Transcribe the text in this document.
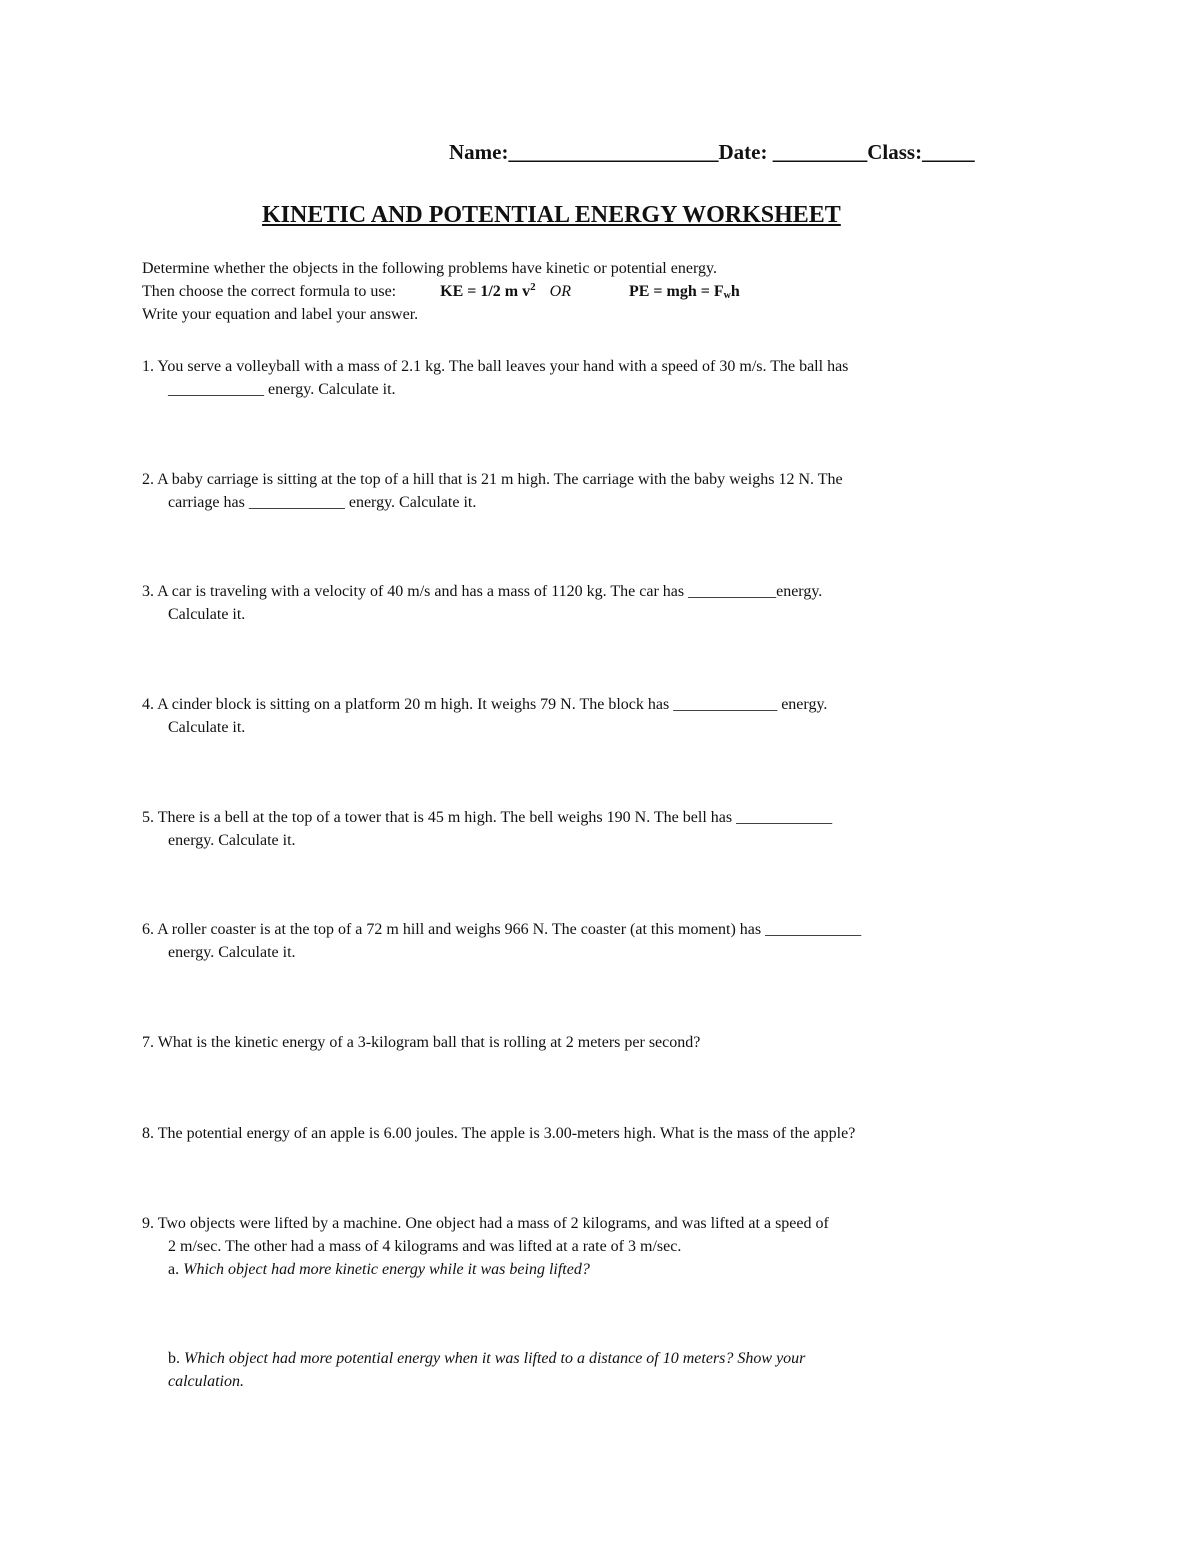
Name:____________________Date: _________Class:_____
KINETIC AND POTENTIAL ENERGY WORKSHEET
Determine whether the objects in the following problems have kinetic or potential energy.
Then choose the correct formula to use:	KE = 1/2 m $v^2$ OR	PE = mgh = $F_wh$
Write your equation and label your answer.
1. You serve a volleyball with a mass of 2.1 kg. The ball leaves your hand with a speed of 30 m/s. The ball has
____________ energy. Calculate it.
2. A baby carriage is sitting at the top of a hill that is 21 m high. The carriage with the baby weighs 12 N. The
carriage has ____________ energy. Calculate it.
3. A car is traveling with a velocity of 40 m/s and has a mass of 1120 kg. The car has ___________energy.
Calculate it.
4. A cinder block is sitting on a platform 20 m high. It weighs 79 N. The block has _____________ energy.
Calculate it.
5. There is a bell at the top of a tower that is 45 m high. The bell weighs 190 N. The bell has ____________
energy. Calculate it.
6. A roller coaster is at the top of a 72 m hill and weighs 966 N. The coaster (at this moment) has ____________
energy. Calculate it.
7. What is the kinetic energy of a 3-kilogram ball that is rolling at 2 meters per second?
8. The potential energy of an apple is 6.00 joules. The apple is 3.00-meters high. What is the mass of the apple?
9. Two objects were lifted by a machine. One object had a mass of 2 kilograms, and was lifted at a speed of
2 m/sec. The other had a mass of 4 kilograms and was lifted at a rate of 3 m/sec.
a. Which object had more kinetic energy while it was being lifted?
b. Which object had more potential energy when it was lifted to a distance of 10 meters? Show your
calculation.
